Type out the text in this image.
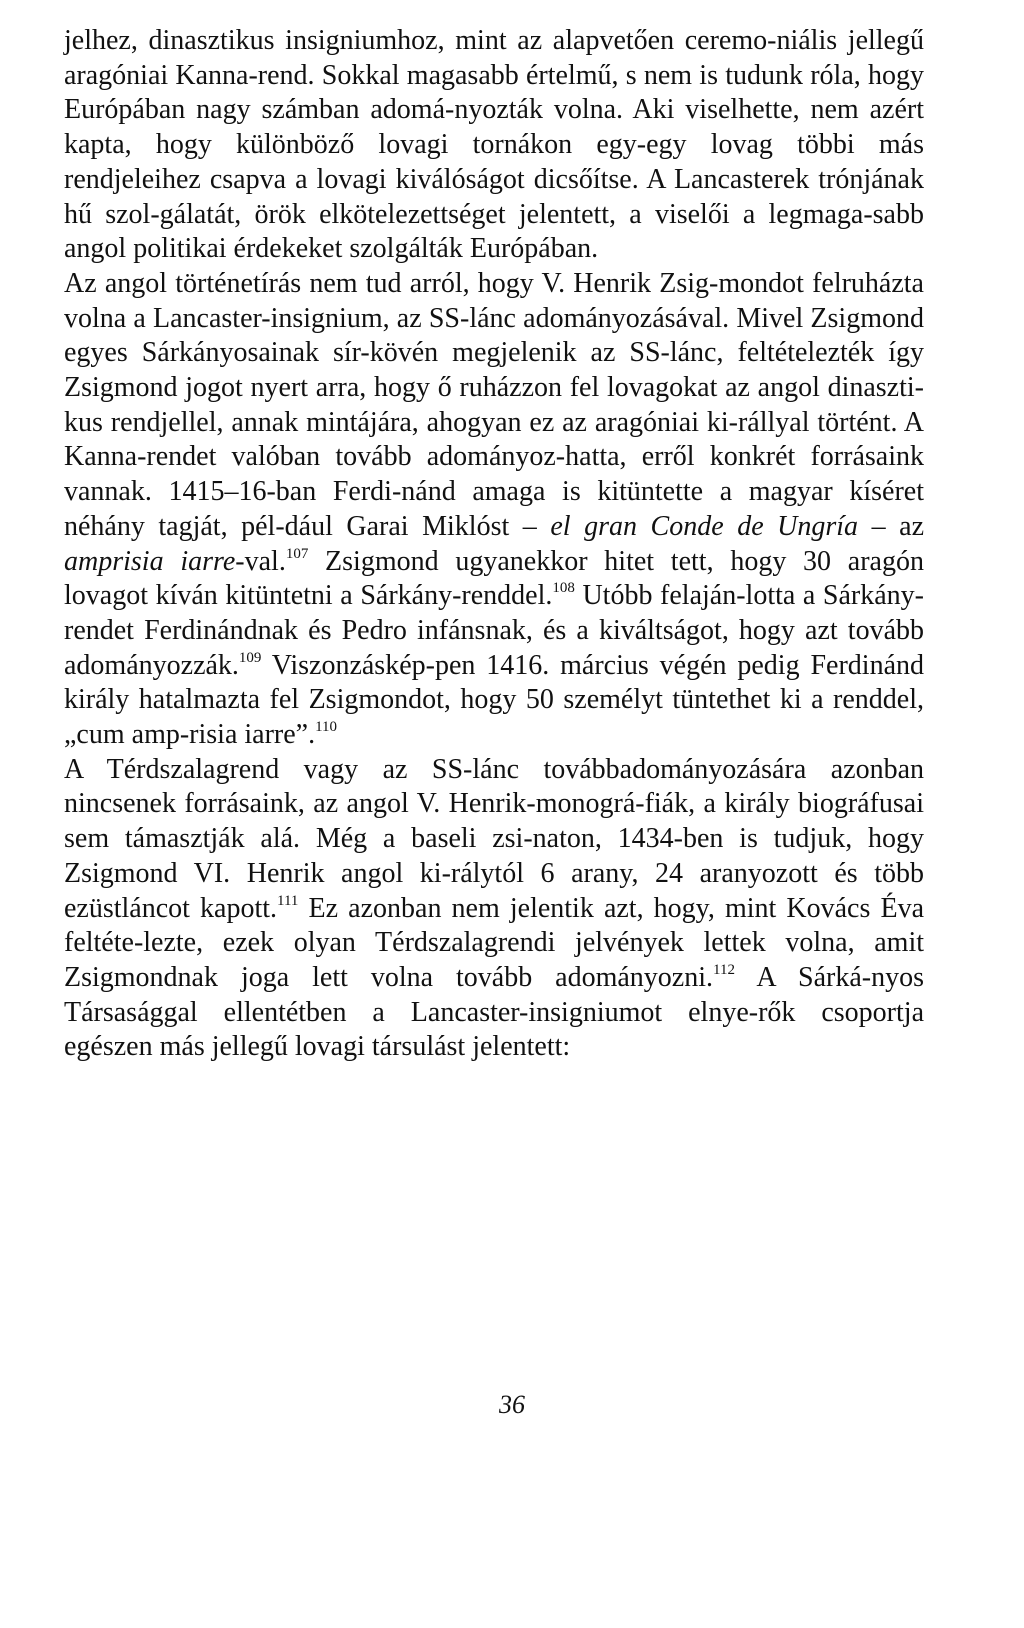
jelhez, dinasztikus insigniumhoz, mint az alapvetően ceremo-niális jellegű aragóniai Kanna-rend. Sokkal magasabb értelmű, s nem is tudunk róla, hogy Európában nagy számban adomá-nyozták volna. Aki viselhette, nem azért kapta, hogy különböző lovagi tornákon egy-egy lovag többi más rendjeleihez csapva a lovagi kiválóságot dicsőítse. A Lancasterek trónjának hű szol-gálatát, örök elkötelezettséget jelentett, a viselői a legmaga-sabb angol politikai érdekeket szolgálták Európában.

Az angol történetírás nem tud arról, hogy V. Henrik Zsig-mondot felruházta volna a Lancaster-insignium, az SS-lánc adományozásával. Mivel Zsigmond egyes Sárkányosainak sír-kövén megjelenik az SS-lánc, feltételezték így Zsigmond jogot nyert arra, hogy ő ruházzon fel lovagokat az angol dinaszti-kus rendjellel, annak mintájára, ahogyan ez az aragóniai ki-rállyal történt. A Kanna-rendet valóban tovább adományoz-hatta, erről konkrét forrásaink vannak. 1415–16-ban Ferdi-nánd amaga is kitüntette a magyar kíséret néhány tagját, pél-dául Garai Miklóst – el gran Conde de Ungría – az amprisia iarre-val.$^{107}$ Zsigmond ugyanekkor hitet tett, hogy 30 aragón lovagot kíván kitüntetni a Sárkány-renddel.$^{108}$ Utóbb felaján-lotta a Sárkány-rendet Ferdinándnak és Pedro infánsnak, és a kiváltságot, hogy azt tovább adományozzák.$^{109}$ Viszonzáskép-pen 1416. március végén pedig Ferdinánd király hatalmazta fel Zsigmondot, hogy 50 személyt tüntethet ki a renddel, „cum amp-risia iarre”.$^{110}$

A Térdszalagrend vagy az SS-lánc továbbadományozására azonban nincsenek forrásaink, az angol V. Henrik-monográ-fiák, a király biográfusai sem támasztják alá. Még a baseli zsi-naton, 1434-ben is tudjuk, hogy Zsigmond VI. Henrik angol ki-rálytól 6 arany, 24 aranyozott és több ezüstláncot kapott.$^{111}$ Ez azonban nem jelentik azt, hogy, mint Kovács Éva feltéte-lezte, ezek olyan Térdszalagrendi jelvények lettek volna, amit Zsigmondnak joga lett volna tovább adományozni.$^{112}$ A Sárká-nyos Társasággal ellentétben a Lancaster-insigniumot elnye-rők csoportja egészen más jellegű lovagi társulást jelentett:

36
